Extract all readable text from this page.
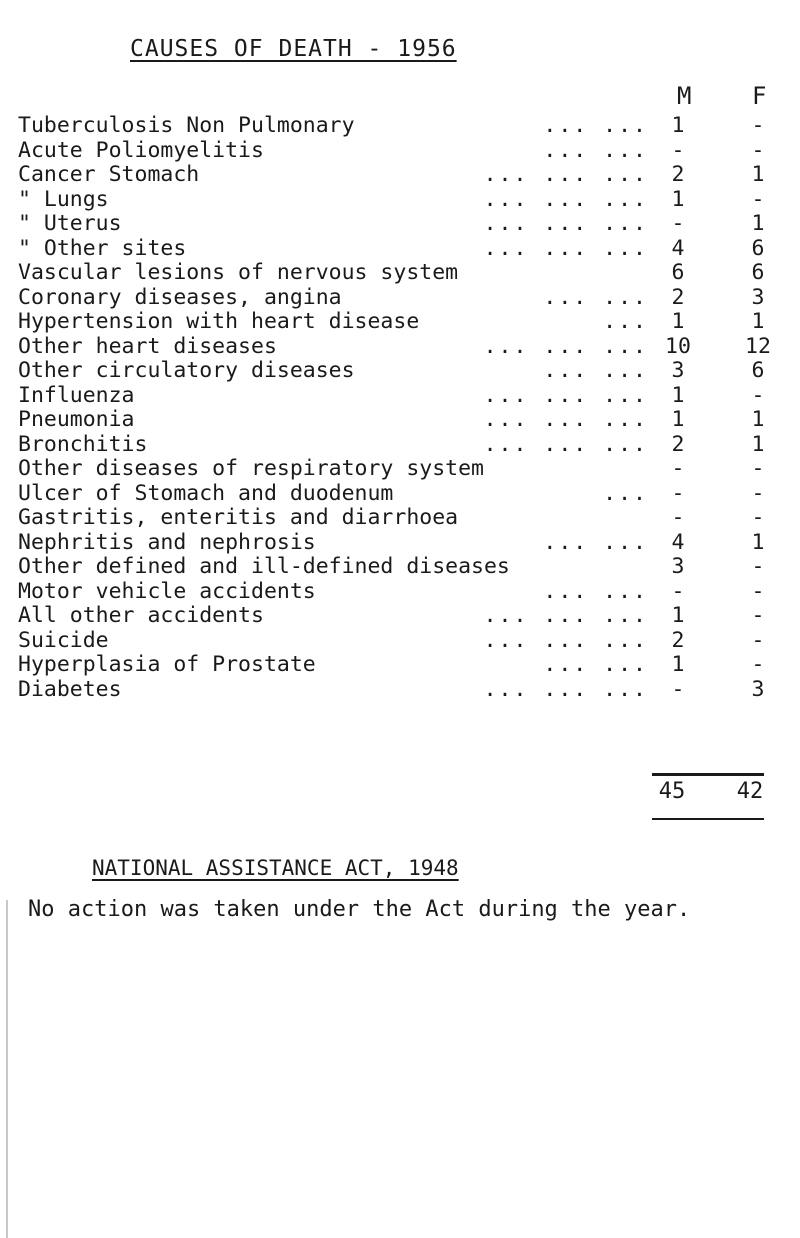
CAUSES OF DEATH - 1956
M	F
Tuberculosis Non Pulmonary	... ...	1	-
Acute Poliomyelitis	... ...	-	-
Cancer Stomach	... ... ...	2	1
" Lungs	... ... ...	1	-
" Uterus	... ... ...	-	1
" Other sites	... ... ...	4	6
Vascular lesions of nervous system	6	6
Coronary diseases, angina	... ...	2	3
Hypertension with heart disease	...	1	1
Other heart diseases	... ... ... 10	12
Other circulatory diseases	... ...	3	6
Influenza	... ... ...	1	-
Pneumonia	... ... ...	1	1
Bronchitis	... ... ...	2	1
Other diseases of respiratory system	-	-
Ulcer of Stomach and duodenum	...	-	-
Gastritis, enteritis and diarrhoea	-	-
Nephritis and nephrosis	... ...	4	1
Other defined and ill-defined diseases	3	-
Motor vehicle accidents	... ...	-	-
All other accidents	... ... ...	1	-
Suicide	... ... ...	2	-
Hyperplasia of Prostate	... ...	1	-
Diabetes	... ... ...	-	3
45	42
NATIONAL ASSISTANCE ACT, 1948
No action was taken under the Act during the year.
